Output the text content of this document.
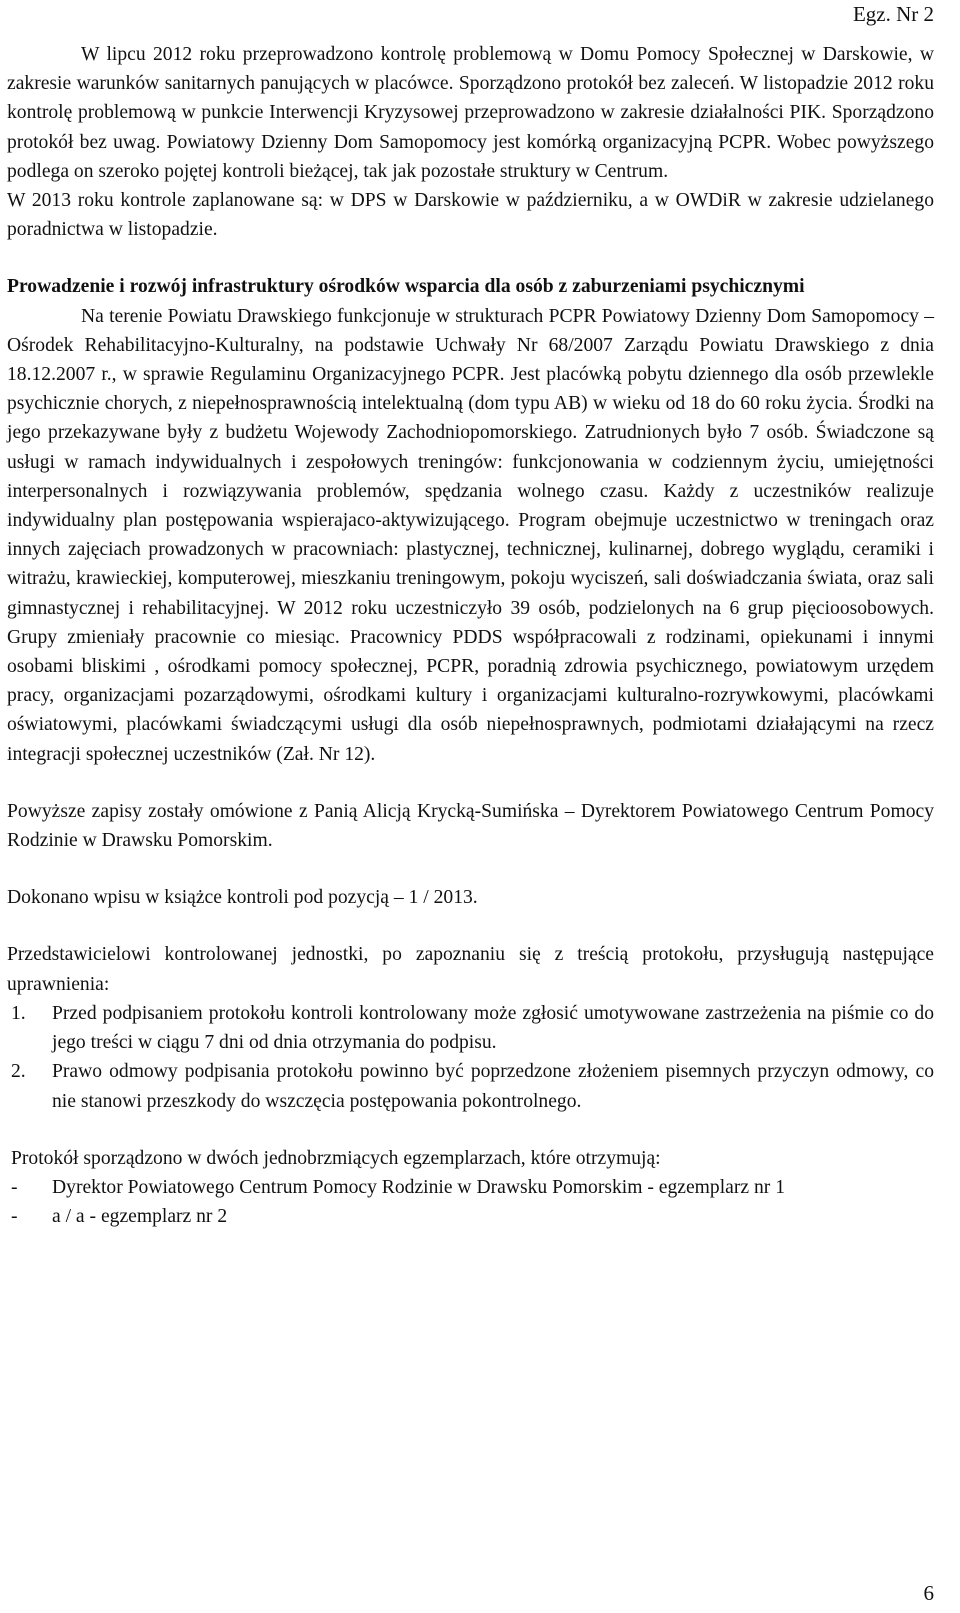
Egz. Nr 2

W lipcu 2012 roku przeprowadzono kontrolę problemową w Domu Pomocy Społecznej w Darskowie, w zakresie warunków sanitarnych panujących w placówce. Sporządzono protokół bez zaleceń. W listopadzie 2012 roku kontrolę problemową w punkcie Interwencji Kryzysowej przeprowadzono w zakresie działalności PIK. Sporządzono protokół bez uwag. Powiatowy Dzienny Dom Samopomocy jest komórką organizacyjną PCPR. Wobec powyższego podlega on szeroko pojętej kontroli bieżącej, tak jak pozostałe struktury w Centrum.

W 2013 roku kontrole zaplanowane są: w DPS w Darskowie w październiku, a w OWDiR w zakresie udzielanego poradnictwa w listopadzie.

Prowadzenie i rozwój infrastruktury ośrodków wsparcia dla osób z zaburzeniami psychicznymi

Na terenie Powiatu Drawskiego funkcjonuje w strukturach PCPR Powiatowy Dzienny Dom Samopomocy – Ośrodek Rehabilitacyjno-Kulturalny, na podstawie Uchwały Nr 68/2007 Zarządu Powiatu Drawskiego z dnia 18.12.2007 r., w sprawie Regulaminu Organizacyjnego PCPR. Jest placówką pobytu dziennego dla osób przewlekle psychicznie chorych, z niepełnosprawnością intelektualną (dom typu AB) w wieku od 18 do 60 roku życia. Środki na jego przekazywane były z budżetu Wojewody Zachodniopomorskiego. Zatrudnionych było 7 osób. Świadczone są usługi w ramach indywidualnych i zespołowych treningów: funkcjonowania w codziennym życiu, umiejętności interpersonalnych i rozwiązywania problemów, spędzania wolnego czasu. Każdy z uczestników realizuje indywidualny plan postępowania wspierajaco-aktywizującego. Program obejmuje uczestnictwo w treningach oraz innych zajęciach prowadzonych w pracowniach: plastycznej, technicznej, kulinarnej, dobrego wyglądu, ceramiki i witrażu, krawieckiej, komputerowej, mieszkaniu treningowym, pokoju wyciszeń, sali doświadczania świata, oraz sali gimnastycznej i rehabilitacyjnej. W 2012 roku uczestniczyło 39 osób, podzielonych na 6 grup pięcioosobowych. Grupy zmieniały pracownie co miesiąc. Pracownicy PDDS współpracowali z rodzinami, opiekunami i innymi osobami bliskimi , ośrodkami pomocy społecznej, PCPR, poradnią zdrowia psychicznego, powiatowym urzędem pracy, organizacjami pozarządowymi, ośrodkami kultury i organizacjami kulturalno-rozrywkowymi, placówkami oświatowymi, placówkami świadczącymi usługi dla osób niepełnosprawnych, podmiotami działającymi na rzecz integracji społecznej uczestników (Zał. Nr 12).

Powyższe zapisy zostały omówione z Panią Alicją Krycką-Sumińska – Dyrektorem Powiatowego Centrum Pomocy Rodzinie w Drawsku Pomorskim.

Dokonano wpisu w książce kontroli pod pozycją – 1 / 2013.

Przedstawicielowi kontrolowanej jednostki, po zapoznaniu się z treścią protokołu, przysługują następujące uprawnienia:

1. Przed podpisaniem protokołu kontroli kontrolowany może zgłosić umotywowane zastrzeżenia na piśmie co do jego treści w ciągu 7 dni od dnia otrzymania do podpisu.
2. Prawo odmowy podpisania protokołu powinno być poprzedzone złożeniem pisemnych przyczyn odmowy, co nie stanowi przeszkody do wszczęcia postępowania pokontrolnego.

Protokół sporządzono w dwóch jednobrzmiących egzemplarzach, które otrzymują:

- Dyrektor Powiatowego Centrum Pomocy Rodzinie w Drawsku Pomorskim - egzemplarz nr 1
- a / a - egzemplarz nr 2
6
